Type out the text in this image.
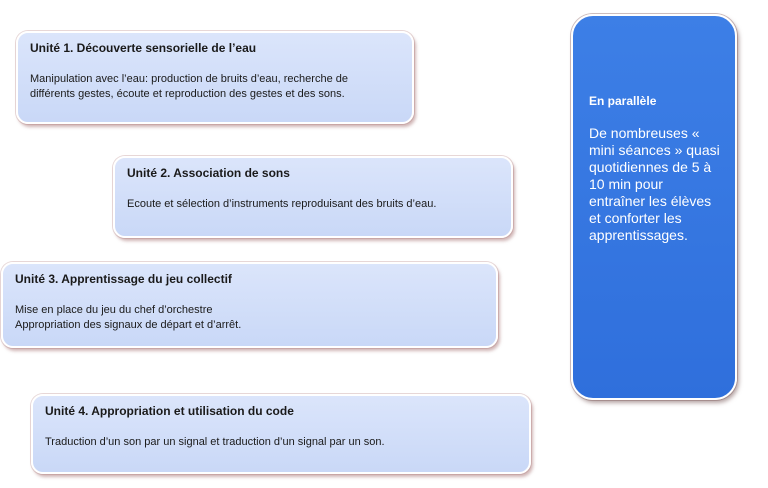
Unité 1. Découverte sensorielle de l’eau
Manipulation avec l’eau: production de bruits d’eau, recherche de
différents gestes, écoute et reproduction des gestes et des sons.
Unité 2. Association de sons
Ecoute et sélection d’instruments reproduisant des bruits d’eau.
Unité 3. Apprentissage du jeu collectif
Mise en place du jeu du chef d’orchestre
Appropriation des signaux de départ et d’arrêt.
Unité 4. Appropriation et utilisation du code
Traduction d’un son par un signal et traduction d’un signal par un son.
En parallèle
De nombreuses « mini séances » quasi quotidiennes de 5 à 10 min pour entraîner les élèves et conforter les apprentissages.
